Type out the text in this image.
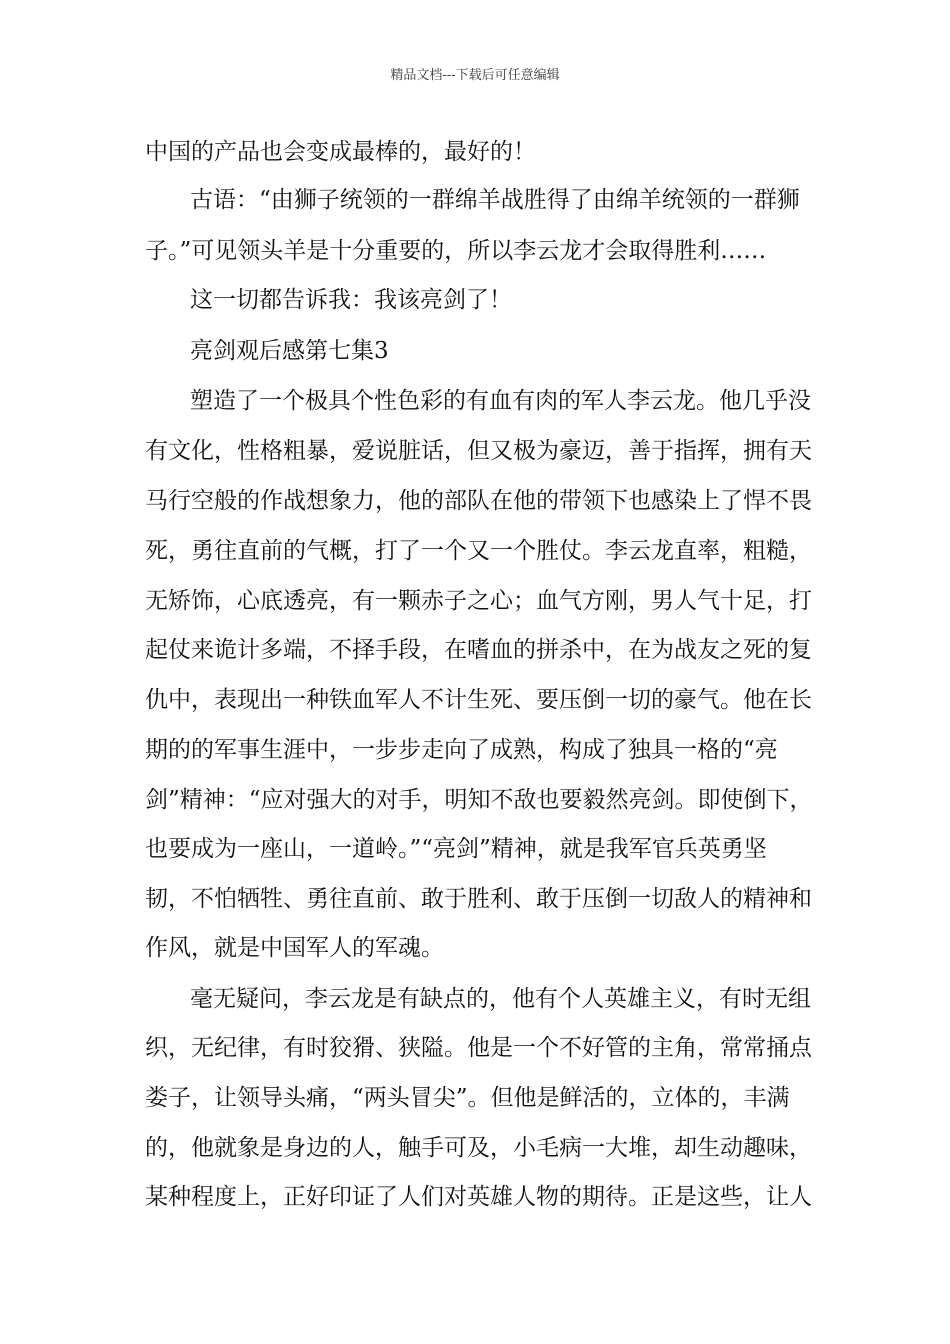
精品文档---下载后可任意编辑
中国的产品也会变成最棒的，最好的！
古语：“由狮子统领的一群绵羊战胜得了由绵羊统领的一群狮
子。”可见领头羊是十分重要的，所以李云龙才会取得胜利……
这一切都告诉我：我该亮剑了！
亮剑观后感第七集3
塑造了一个极具个性色彩的有血有肉的军人李云龙。他几乎没
有文化，性格粗暴，爱说脏话，但又极为豪迈，善于指挥，拥有天
马行空般的作战想象力，他的部队在他的带领下也感染上了悍不畏
死，勇往直前的气概，打了一个又一个胜仗。李云龙直率，粗糙，
无矫饰，心底透亮，有一颗赤子之心；血气方刚，男人气十足，打
起仗来诡计多端，不择手段，在嗜血的拼杀中，在为战友之死的复
仇中，表现出一种铁血军人不计生死、要压倒一切的豪气。他在长
期的的军事生涯中，一步步走向了成熟，构成了独具一格的“亮
剑”精神：“应对强大的对手，明知不敌也要毅然亮剑。即使倒下，
也要成为一座山，一道岭。”“亮剑”精神，就是我军官兵英勇坚
韧，不怕牺牲、勇往直前、敢于胜利、敢于压倒一切敌人的精神和
作风，就是中国军人的军魂。
毫无疑问，李云龙是有缺点的，他有个人英雄主义，有时无组
织，无纪律，有时狡猾、狭隘。他是一个不好管的主角，常常捅点
娄子，让领导头痛，“两头冒尖”。但他是鲜活的，立体的，丰满
的，他就象是身边的人，触手可及，小毛病一大堆，却生动趣味，
某种程度上，正好印证了人们对英雄人物的期待。正是这些，让人
